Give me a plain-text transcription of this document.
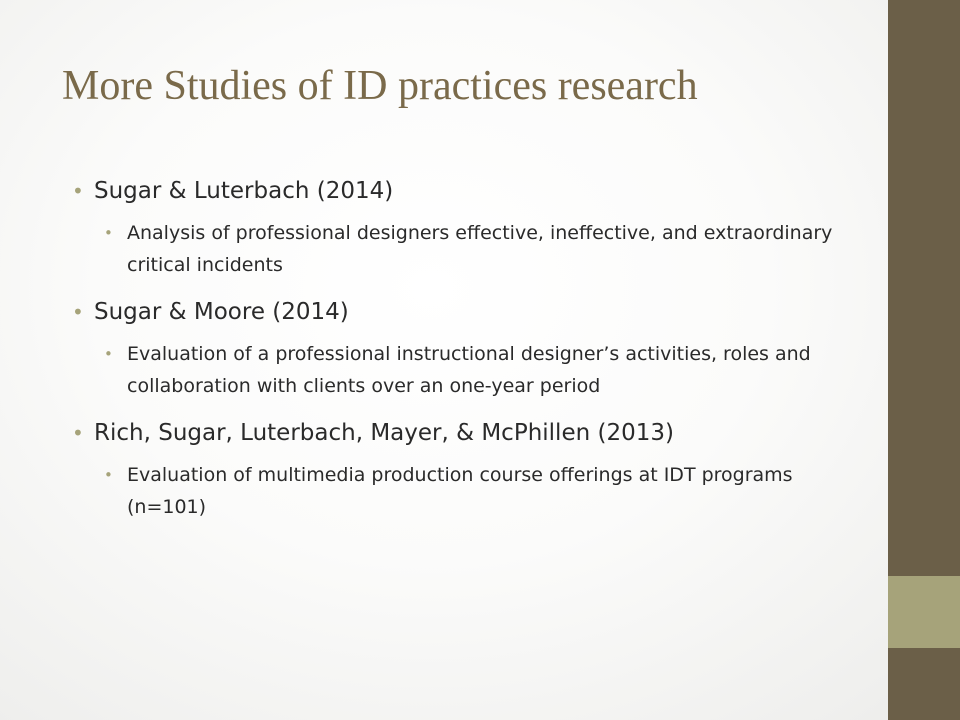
More Studies of ID practices research
• Sugar & Luterbach (2014)
• Analysis of professional designers effective, ineffective, and extraordinary critical incidents
• Sugar & Moore (2014)
• Evaluation of a professional instructional designer’s activities, roles and collaboration with clients over an one-year period
• Rich, Sugar, Luterbach, Mayer, & McPhillen (2013)
• Evaluation of multimedia production course offerings at IDT programs (n=101)
